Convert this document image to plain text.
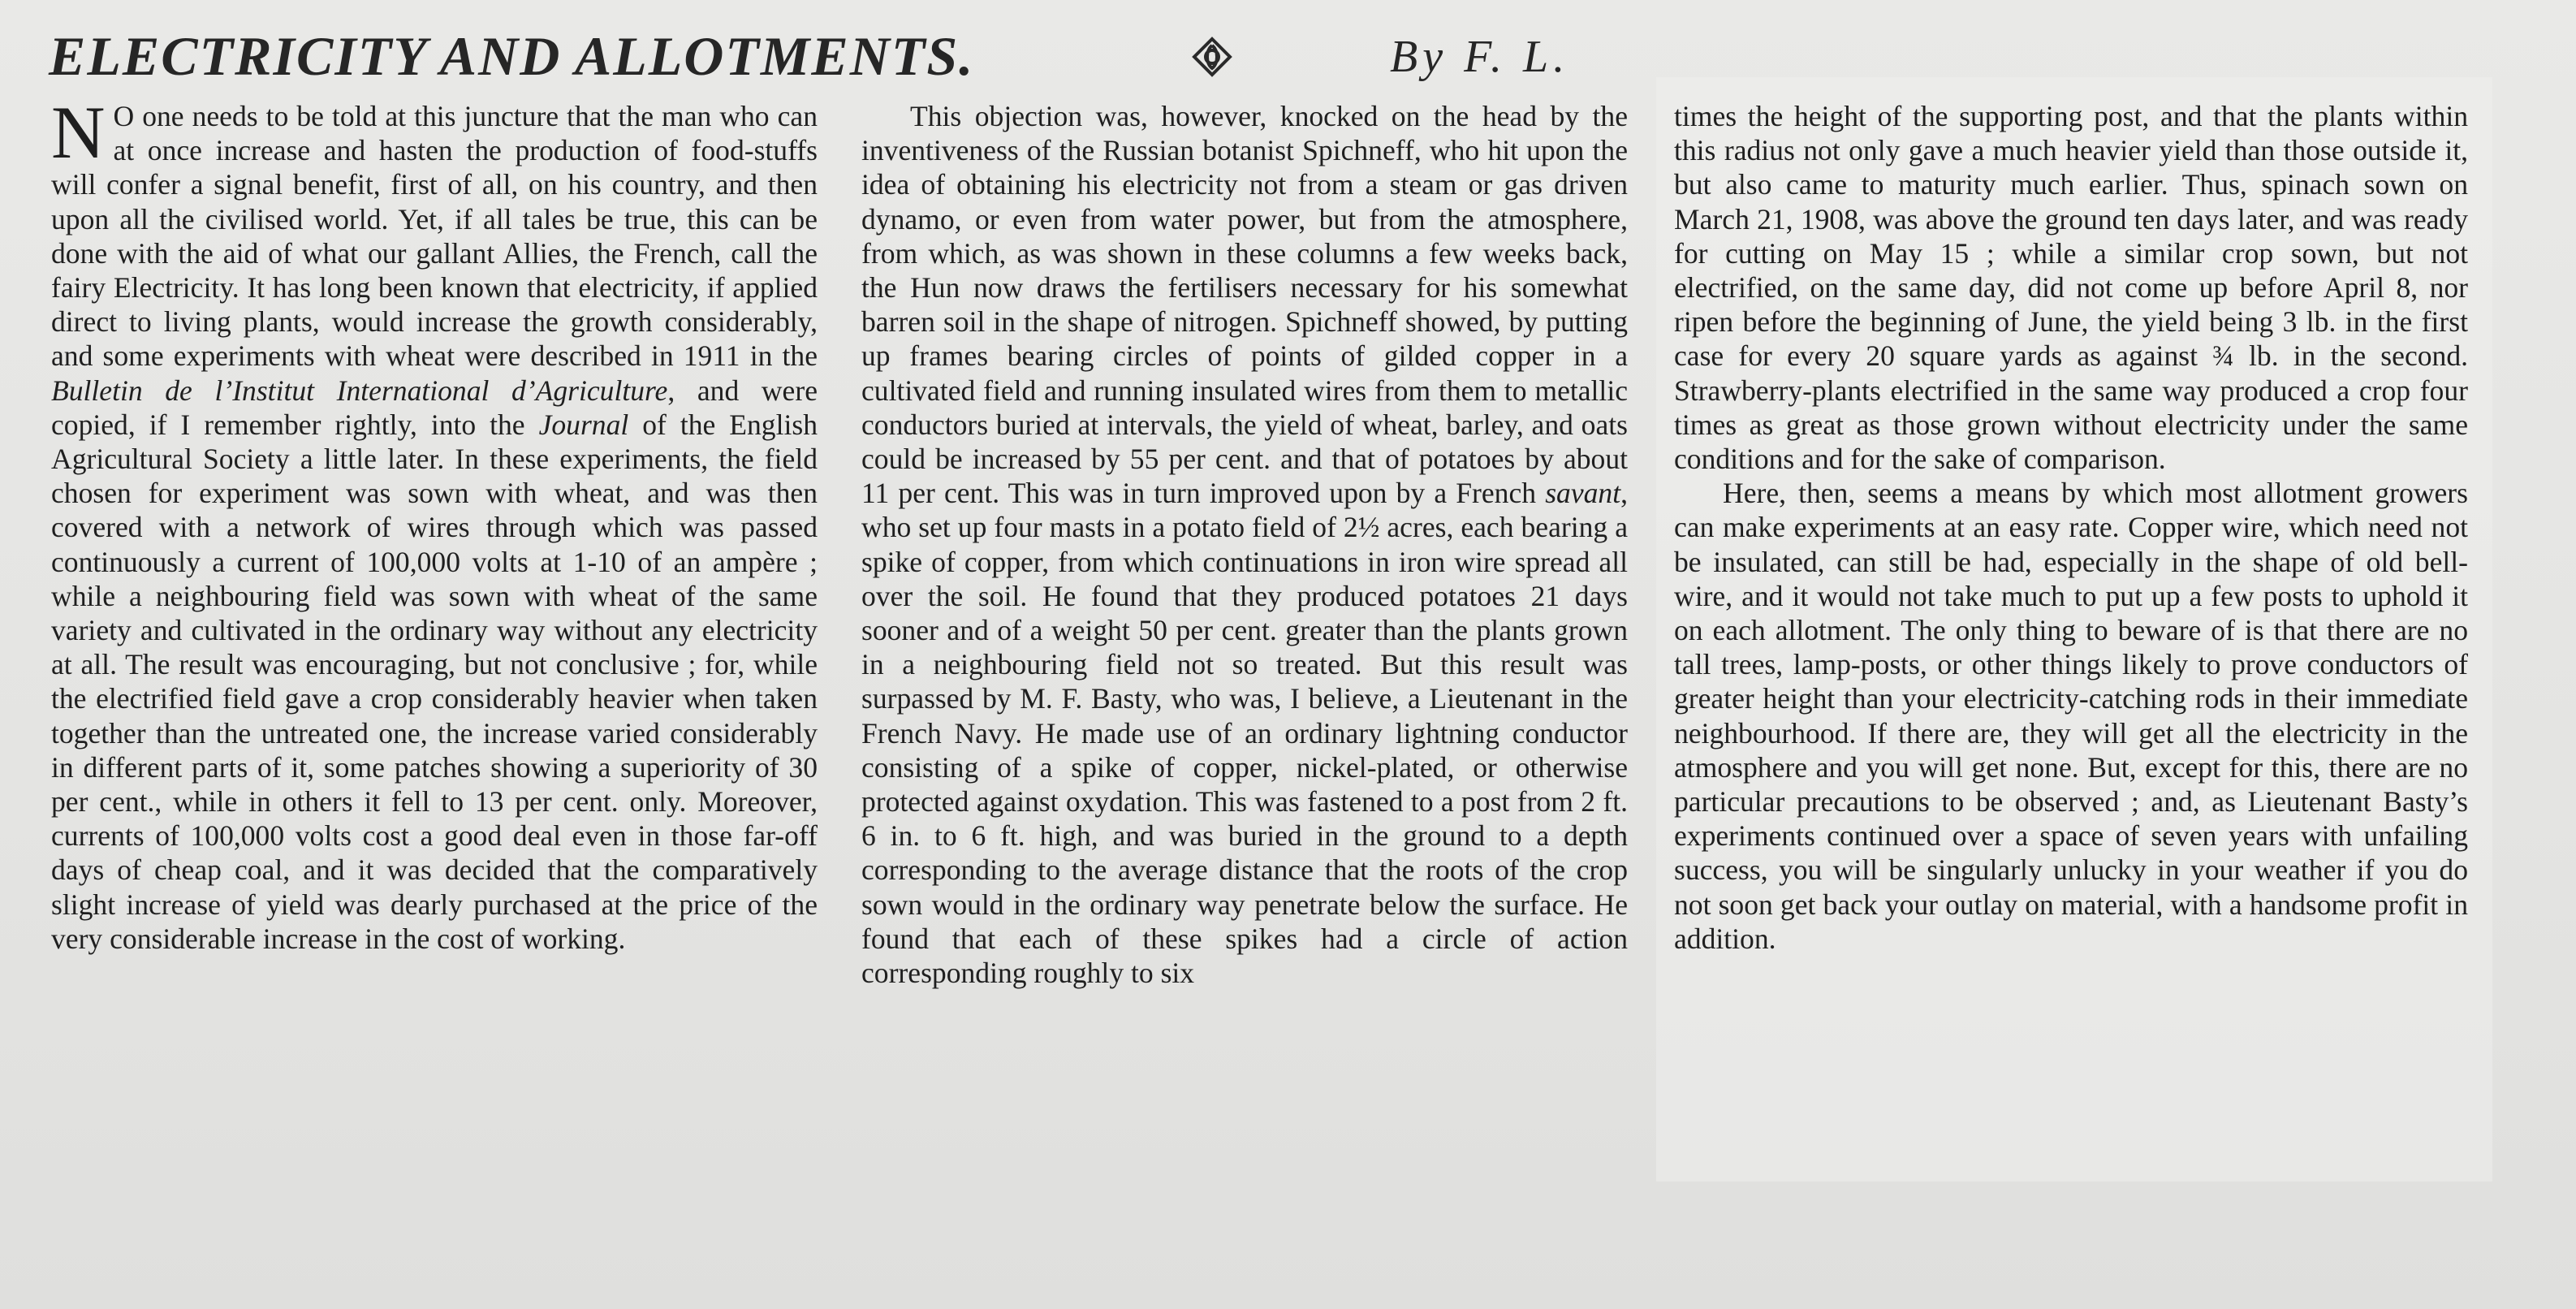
ELECTRICITY AND ALLOTMENTS.	By F. L.

N O one needs to be told at this juncture that the man who can at once increase and hasten the production of food-stuffs will confer a signal benefit, first of all, on his country, and then upon all the civilised world. Yet, if all tales be true, this can be done with the aid of what our gallant Allies, the French, call the fairy Electricity. It has long been known that electricity, if applied direct to living plants, would increase the growth considerably, and some experiments with wheat were described in 1911 in the Bulletin de l’Institut International d’Agriculture, and were copied, if I remember rightly, into the Journal of the English Agricultural Society a little later. In these experiments, the field chosen for experiment was sown with wheat, and was then covered with a network of wires through which was passed continuously a current of 100,000 volts at 1-10 of an ampère ; while a neighbouring field was sown with wheat of the same variety and cultivated in the ordinary way without any electricity at all. The result was encouraging, but not conclusive ; for, while the electrified field gave a crop considerably heavier when taken together than the untreated one, the increase varied considerably in different parts of it, some patches showing a superiority of 30 per cent., while in others it fell to 13 per cent. only. Moreover, currents of 100,000 volts cost a good deal even in those far-off days of cheap coal, and it was decided that the comparatively slight increase of yield was dearly purchased at the price of the very considerable increase in the cost of working.

This objection was, however, knocked on the head by the inventiveness of the Russian botanist Spichneff, who hit upon the idea of obtaining his electricity not from a steam or gas driven dynamo, or even from water power, but from the atmosphere, from which, as was shown in these columns a few weeks back, the Hun now draws the fertilisers necessary for his somewhat barren soil in the shape of nitrogen. Spichneff showed, by putting up frames bearing circles of points of gilded copper in a cultivated field and running insulated wires from them to metallic conductors buried at intervals, the yield of wheat, barley, and oats could be increased by 55 per cent. and that of potatoes by about 11 per cent. This was in turn improved upon by a French savant, who set up four masts in a potato field of 2½ acres, each bearing a spike of copper, from which continuations in iron wire spread all over the soil. He found that they produced potatoes 21 days sooner and of a weight 50 per cent. greater than the plants grown in a neighbouring field not so treated. But this result was surpassed by M. F. Basty, who was, I believe, a Lieutenant in the French Navy. He made use of an ordinary lightning conductor consisting of a spike of copper, nickel-plated, or otherwise protected against oxydation. This was fastened to a post from 2 ft. 6 in. to 6 ft. high, and was buried in the ground to a depth corresponding to the average distance that the roots of the crop sown would in the ordinary way penetrate below the surface. He found that each of these spikes had a circle of action corresponding roughly to six

times the height of the supporting post, and that the plants within this radius not only gave a much heavier yield than those outside it, but also came to maturity much earlier. Thus, spinach sown on March 21, 1908, was above the ground ten days later, and was ready for cutting on May 15 ; while a similar crop sown, but not electrified, on the same day, did not come up before April 8, nor ripen before the beginning of June, the yield being 3 lb. in the first case for every 20 square yards as against ¾ lb. in the second. Strawberry-plants electrified in the same way produced a crop four times as great as those grown without electricity under the same conditions and for the sake of comparison.

Here, then, seems a means by which most allotment growers can make experiments at an easy rate. Copper wire, which need not be insulated, can still be had, especially in the shape of old bell-wire, and it would not take much to put up a few posts to uphold it on each allotment. The only thing to beware of is that there are no tall trees, lamp-posts, or other things likely to prove conductors of greater height than your electricity-catching rods in their immediate neighbourhood. If there are, they will get all the electricity in the atmosphere and you will get none. But, except for this, there are no particular precautions to be observed ; and, as Lieutenant Basty’s experiments continued over a space of seven years with unfailing success, you will be singularly unlucky in your weather if you do not soon get back your outlay on material, with a handsome profit in addition.
